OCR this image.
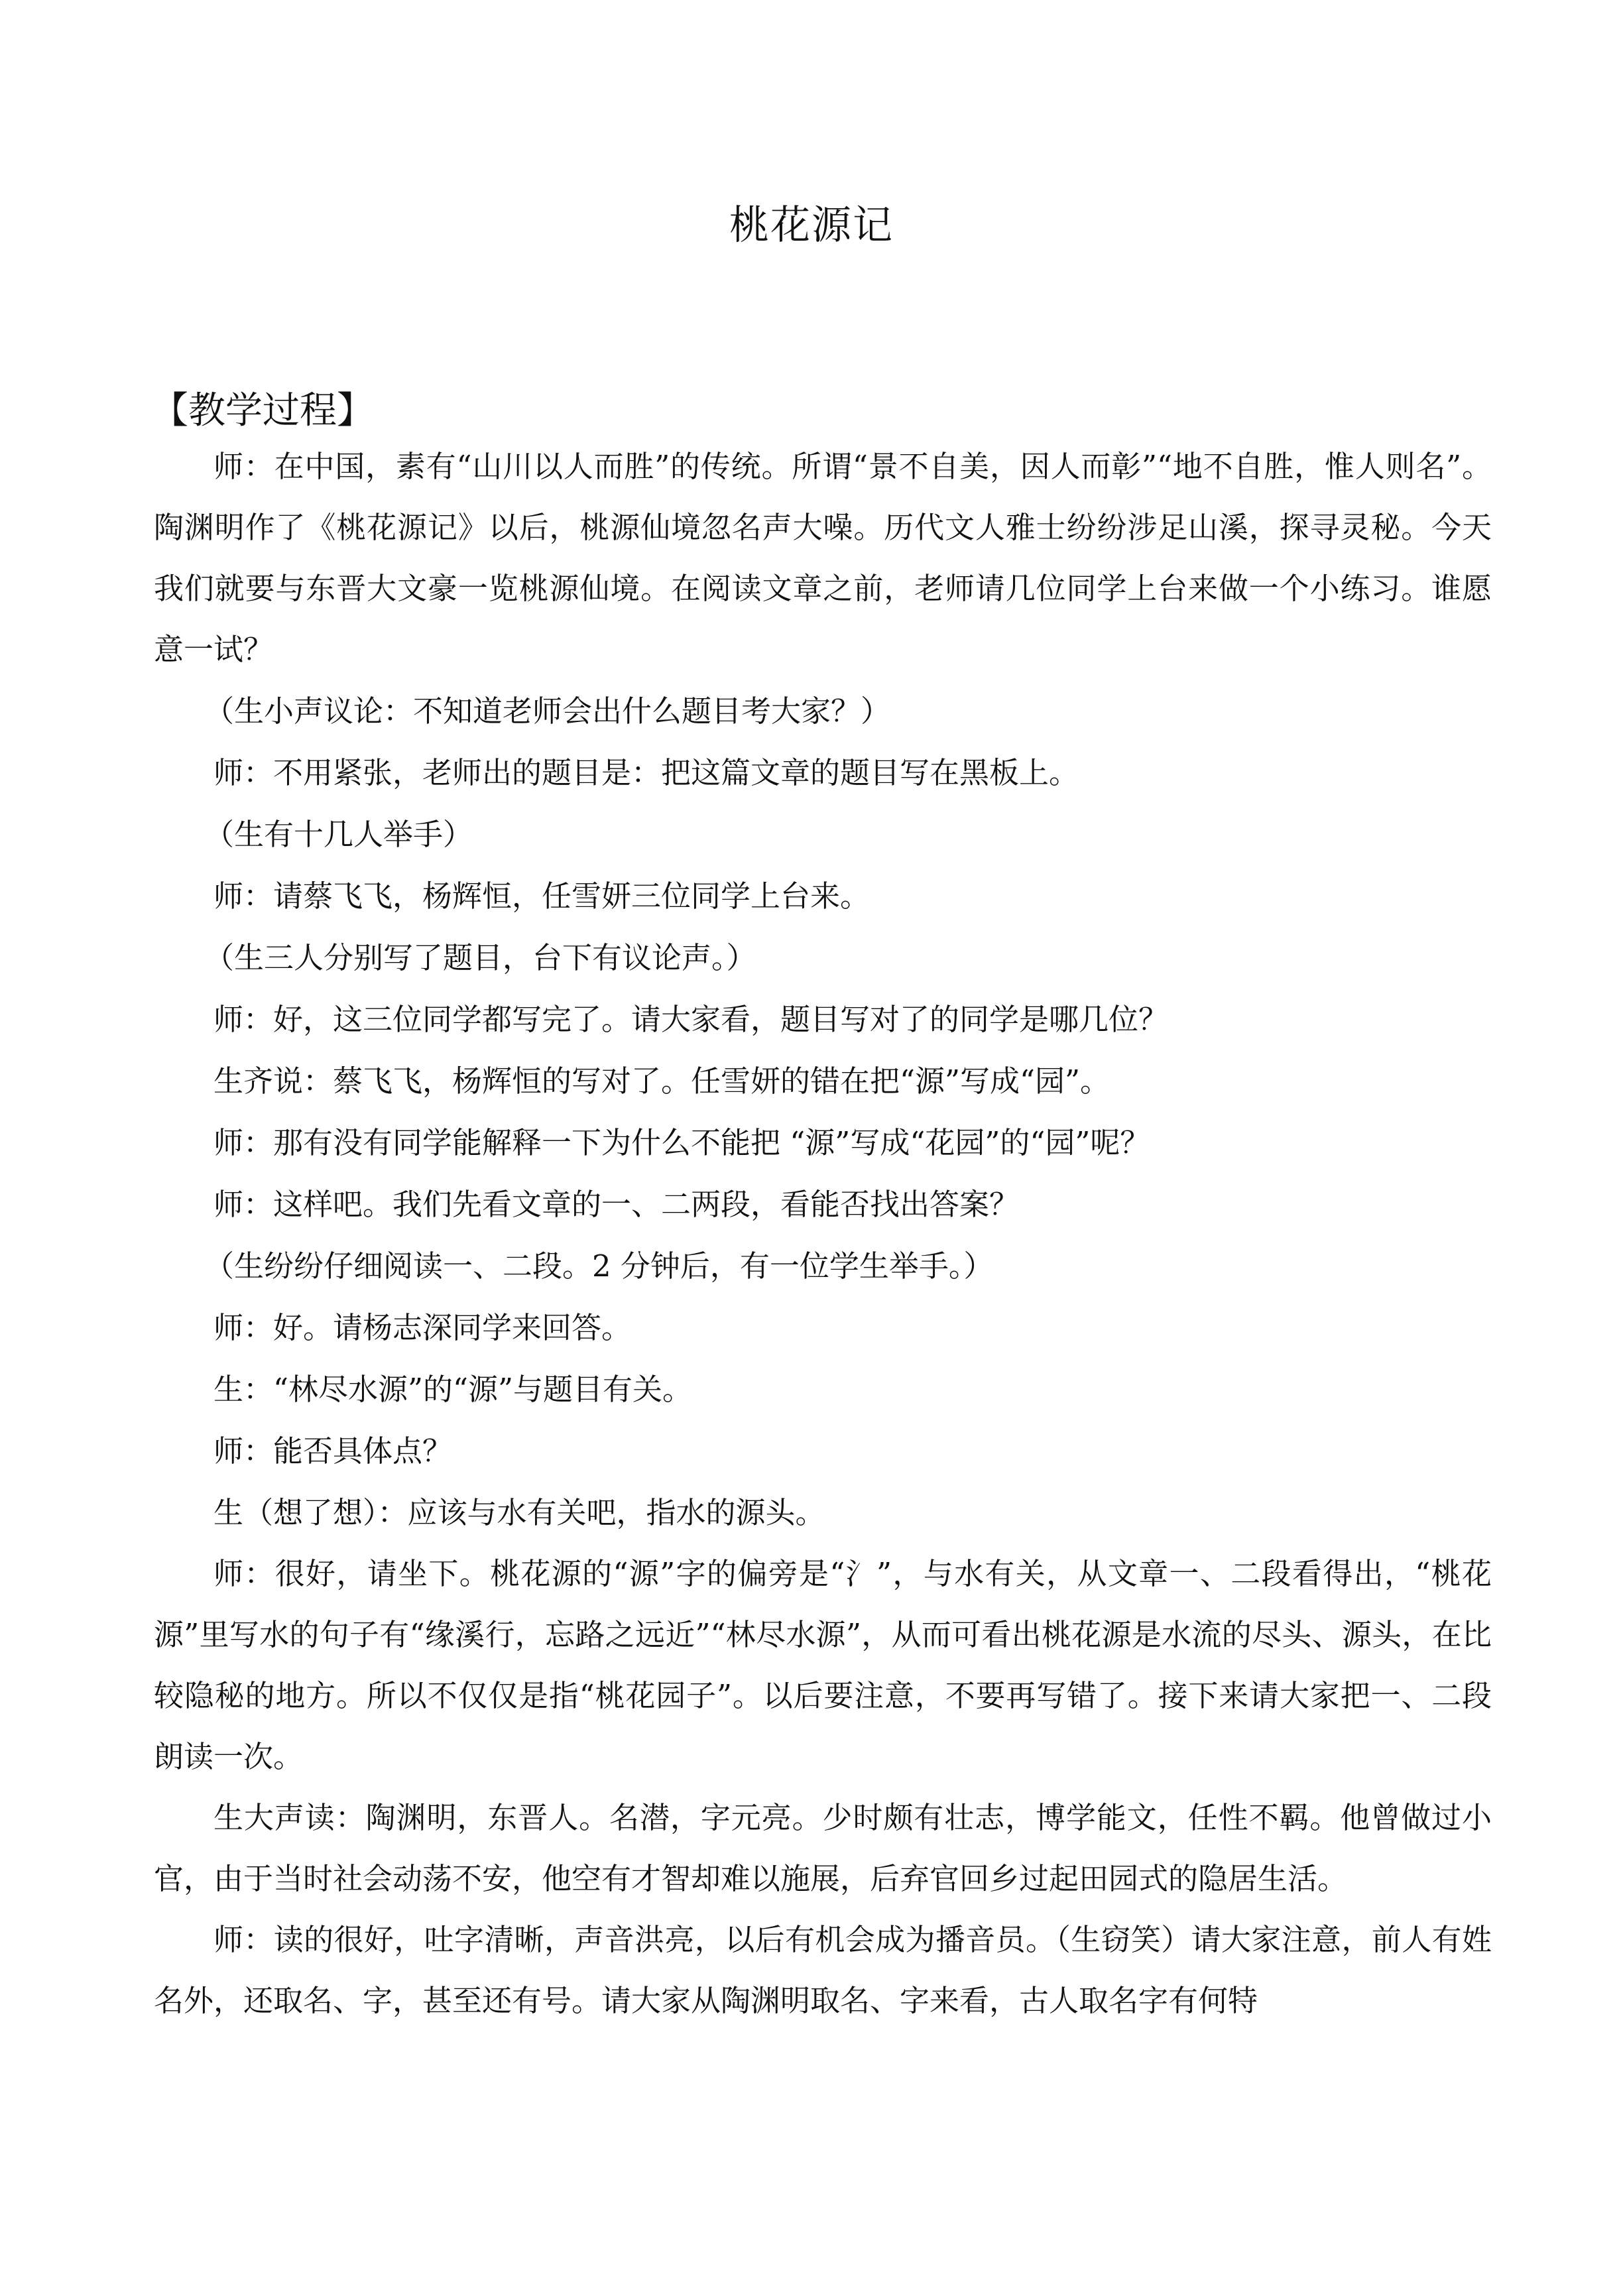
桃花源记
【教学过程】

师：在中国，素有“山川以人而胜”的传统。所谓“景不自美，因人而彰”“地不自胜，惟人则名”。陶渊明作了《桃花源记》以后，桃源仙境忽名声大噪。历代文人雅士纷纷涉足山溪，探寻灵秘。今天我们就要与东晋大文豪一览桃源仙境。在阅读文章之前，老师请几位同学上台来做一个小练习。谁愿意一试？

（生小声议论：不知道老师会出什么题目考大家？）

师：不用紧张，老师出的题目是：把这篇文章的题目写在黑板上。

（生有十几人举手）

师：请蔡飞飞，杨辉恒，任雪妍三位同学上台来。

（生三人分别写了题目，台下有议论声。）

师：好，这三位同学都写完了。请大家看，题目写对了的同学是哪几位？

生齐说：蔡飞飞，杨辉恒的写对了。任雪妍的错在把“源”写成“园”。

师：那有没有同学能解释一下为什么不能把 “源”写成“花园”的“园”呢？

师：这样吧。我们先看文章的一、二两段，看能否找出答案？

（生纷纷仔细阅读一、二段。2 分钟后，有一位学生举手。）

师：好。请杨志深同学来回答。

生：“林尽水源”的“源”与题目有关。

师：能否具体点？

生（想了想）：应该与水有关吧，指水的源头。

师：很好，请坐下。桃花源的“源”字的偏旁是“氵”，与水有关，从文章一、二段看得出，“桃花源”里写水的句子有“缘溪行，忘路之远近”“林尽水源”，从而可看出桃花源是水流的尽头、源头，在比较隐秘的地方。所以不仅仅是指“桃花园子”。以后要注意，不要再写错了。接下来请大家把一、二段朗读一次。

生大声读：陶渊明，东晋人。名潜，字元亮。少时颇有壮志，博学能文，任性不羁。他曾做过小官，由于当时社会动荡不安，他空有才智却难以施展，后弃官回乡过起田园式的隐居生活。

师：读的很好，吐字清晰，声音洪亮，以后有机会成为播音员。（生窃笑）请大家注意，前人有姓名外，还取名、字，甚至还有号。请大家从陶渊明取名、字来看，古人取名字有何特
